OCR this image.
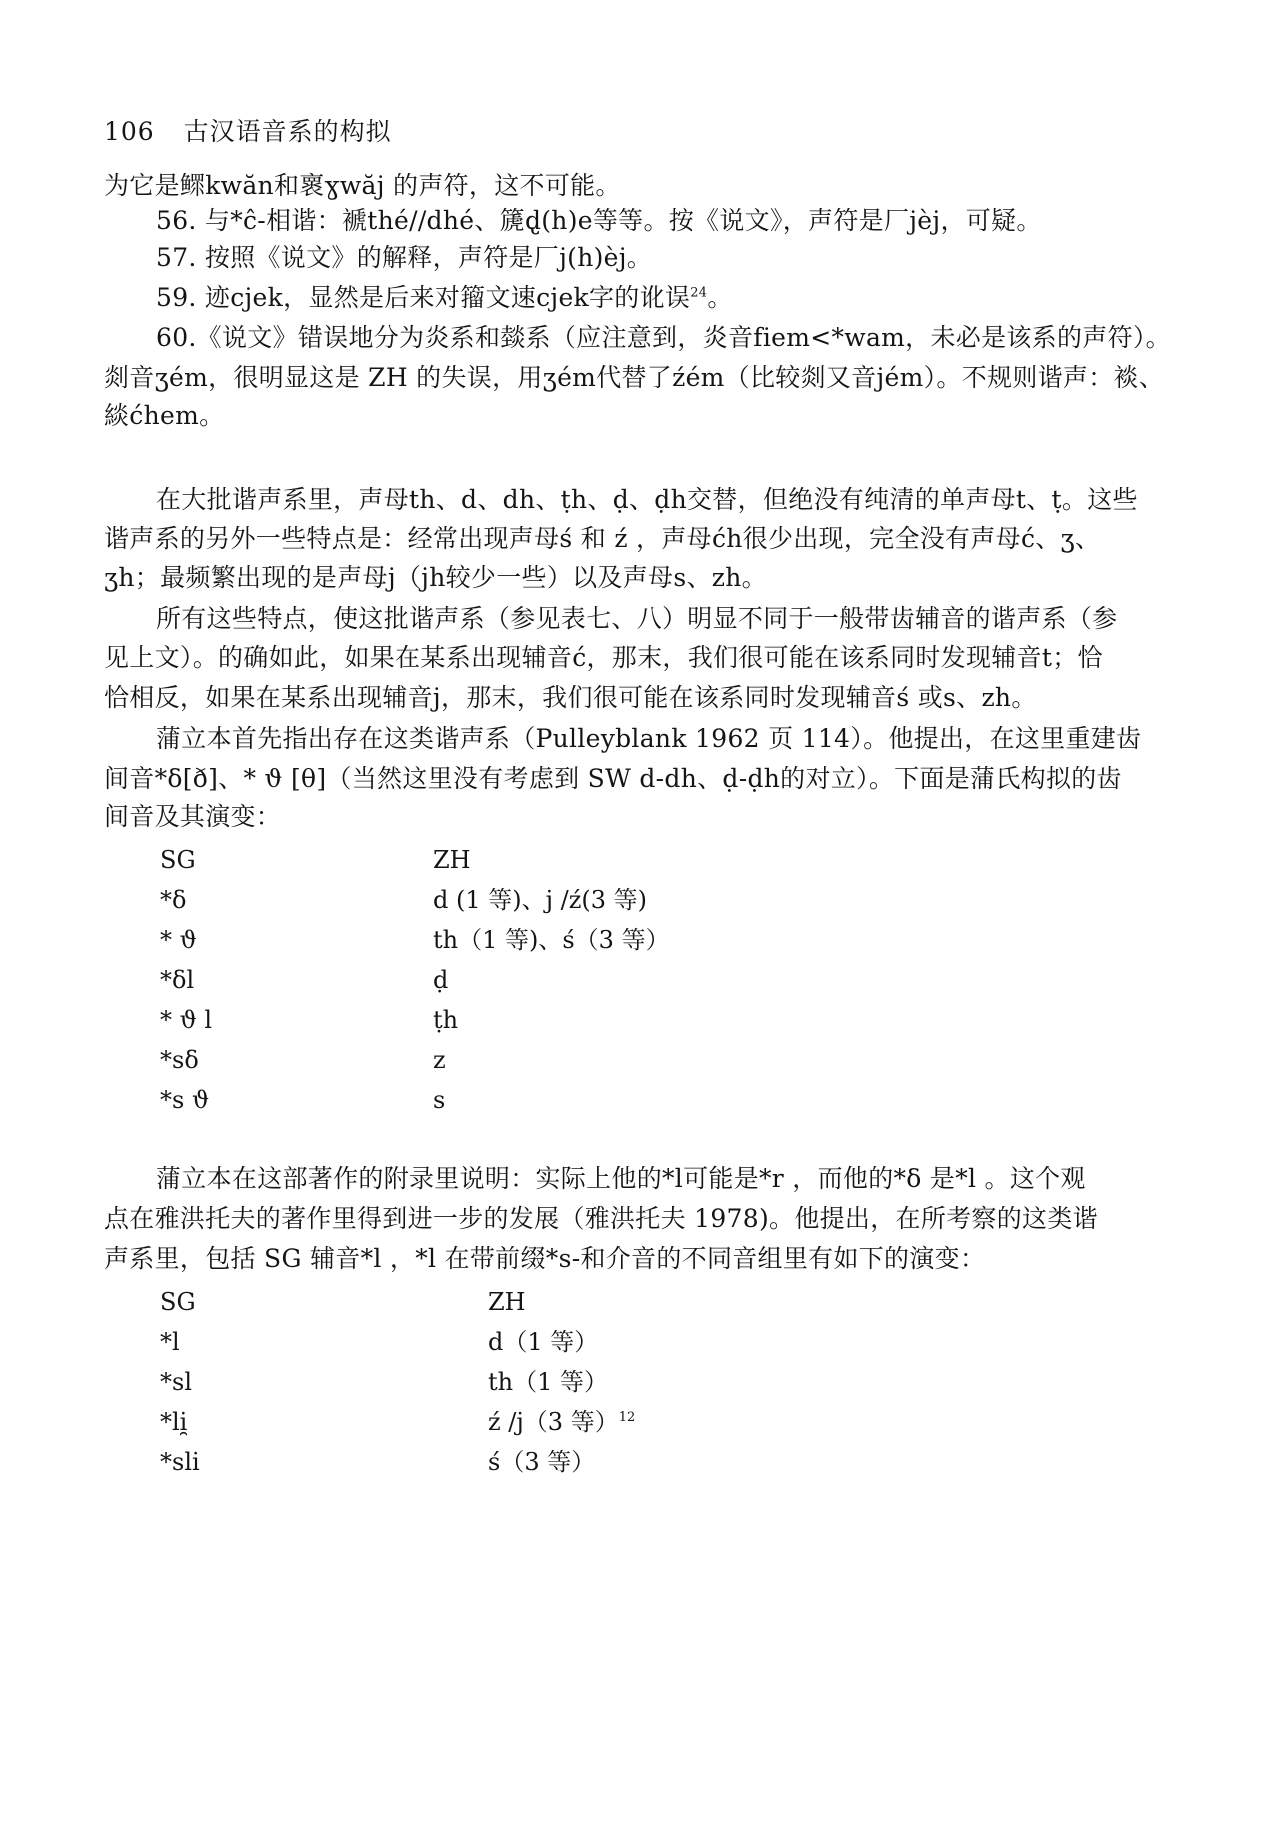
106 古汉语音系的构拟
为它是鳏kwăn和褱ɣwăj 的声符，这不可能。
56. 与*ĉ-相谐：褫thé//dhé、篪d̢(h)e等等。按《说文》，声符是厂jèj，可疑。
57. 按照《说文》的解释，声符是厂j(h)èj。
59. 迹cjek，显然是后来对籀文速cjek字的讹误$^{24}$。
60.《说文》错误地分为炎系和燅系（应注意到，炎音fiem<*wam，未必是该系的声符）。
剡音ʒém，很明显这是 ZH 的失误，用ʒém代替了źém（比较剡又音jém）。不规则谐声：裧、
緂ćhem。
在大批谐声系里，声母th、d、dh、ṭh、ḍ、ḍh交替，但绝没有纯清的单声母t、ṭ。这些
谐声系的另外一些特点是：经常出现声母ś 和 ź ，声母ćh很少出现，完全没有声母ć、ʒ、
ʒh；最频繁出现的是声母j（jh较少一些）以及声母s、zh。
所有这些特点，使这批谐声系（参见表七、八）明显不同于一般带齿辅音的谐声系（参
见上文）。的确如此，如果在某系出现辅音ć，那末，我们很可能在该系同时发现辅音t；恰
恰相反，如果在某系出现辅音j，那末，我们很可能在该系同时发现辅音ś 或s、zh。
蒲立本首先指出存在这类谐声系（Pulleyblank 1962 页 114）。他提出，在这里重建齿
间音*δ[ð]、* ϑ [θ]（当然这里没有考虑到 SW d-dh、ḍ-ḍh的对立）。下面是蒲氏构拟的齿
间音及其演变：
SG	ZH
*δ	d (1 等)、j /ź(3 等)
* ϑ	th（1 等)、ś（3 等）
*δl	ḍ
* ϑ l	ṭh
*sδ	z
*s ϑ	s
蒲立本在这部著作的附录里说明：实际上他的*l可能是*r ，而他的*δ 是*l 。这个观
点在雅洪托夫的著作里得到进一步的发展（雅洪托夫 1978)。他提出，在所考察的这类谐
声系里，包括 SG 辅音*l ，*l 在带前缀*s-和介音的不同音组里有如下的演变：
SG	ZH
*l	d（1 等）
*sl	th（1 等）
*li̯	ź /j（3 等）$^{12}$
*sli	ś（3 等）
